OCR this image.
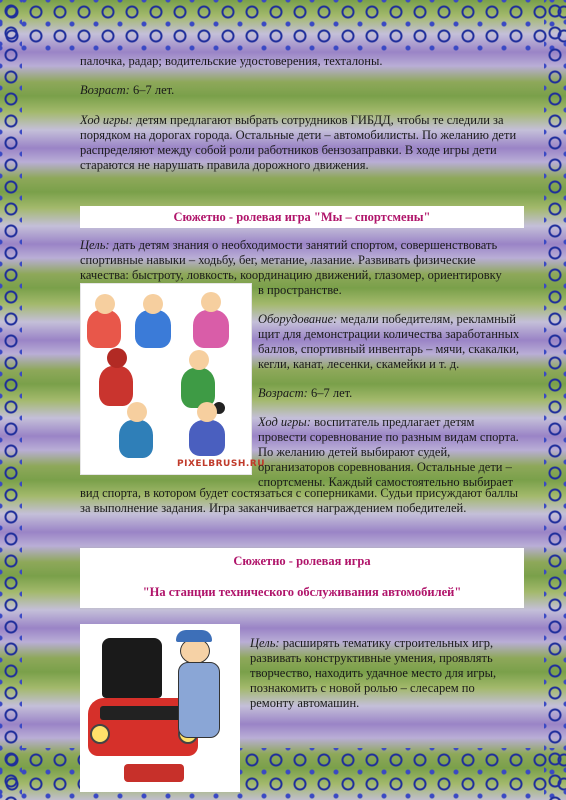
палочка, радар; водительские удостоверения, техталоны.

Возраст: 6–7 лет.

Ход игры: детям предлагают выбрать сотрудников ГИБДД, чтобы те следили за порядком на дорогах города. Остальные дети – автомобилисты. По желанию дети распределяют между собой роли работников бензозаправки. В ходе игры дети стараются не нарушать правила дорожного движения.

Сюжетно - ролевая игра "Мы – спортсмены"

Цель: дать детям знания о необходимости занятий спортом, совершенствовать спортивные навыки – ходьбу, бег, метание, лазание. Развивать физические качества: быстроту, ловкость, координацию движений, глазомер, ориентировку

PIXELBRUSH.RU

в пространстве.

Оборудование: медали победителям, рекламный щит для демонстрации количества заработанных баллов, спортивный инвентарь – мячи, скакалки, кегли, канат, лесенки, скамейки и т. д.

Возраст: 6–7 лет.

Ход игры: воспитатель предлагает детям провести соревнование по разным видам спорта. По желанию детей выбирают судей, организаторов соревнования. Остальные дети – спортсмены. Каждый самостоятельно выбирает

вид спорта, в котором будет состязаться с соперниками. Судьи присуждают баллы за выполнение задания. Игра заканчивается награждением победителей.

Сюжетно - ролевая игра
"На станции технического обслуживания автомобилей"

Цель: расширять тематику строительных игр, развивать конструктивные умения, проявлять творчество, находить удачное место для игры, познакомить с новой ролью – слесарем по ремонту автомашин.
